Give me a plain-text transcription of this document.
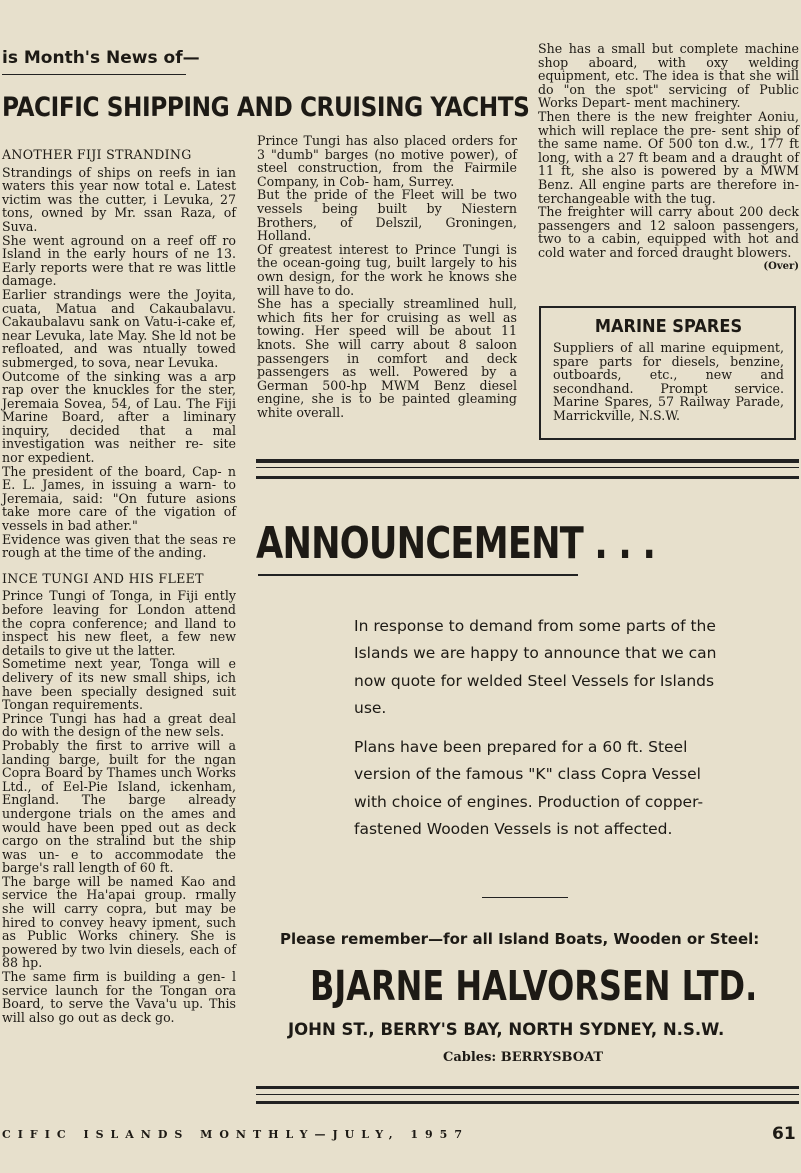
is Month's News of—
PACIFIC SHIPPING AND CRUISING YACHTS
ANOTHER FIJI STRANDING

Strandings of ships on reefs in ian waters this year now total e. Latest victim was the cutter, i Levuka, 27 tons, owned by Mr. ssan Raza, of Suva.

She went aground on a reef off ro Island in the early hours of ne 13. Early reports were that re was little damage.

Earlier strandings were the Joyita, cuata, Matua and Cakaubalavu. Cakaubalavu sank on Vatu-i-cake ef, near Levuka, late May. She ld not be refloated, and was ntually towed submerged, to sova, near Levuka.

Outcome of the sinking was a arp rap over the knuckles for the ster, Jeremaia Sovea, 54, of Lau. The Fiji Marine Board, after a liminary inquiry, decided that a mal investigation was neither re- site nor expedient.

The president of the board, Cap- n E. L. James, in issuing a warn- to Jeremaia, said: "On future asions take more care of the vigation of vessels in bad ather."

Evidence was given that the seas re rough at the time of the anding.

INCE TUNGI AND HIS FLEET

Prince Tungi of Tonga, in Fiji ently before leaving for London attend the copra conference; and lland to inspect his new fleet, a few new details to give ut the latter.

Sometime next year, Tonga will e delivery of its new small ships, ich have been specially designed suit Tongan requirements.

Prince Tungi has had a great deal do with the design of the new sels.

Probably the first to arrive will a landing barge, built for the ngan Copra Board by Thames unch Works Ltd., of Eel-Pie Island, ickenham, England. The barge already undergone trials on the ames and would have been pped out as deck cargo on the stralind but the ship was un- e to accommodate the barge's rall length of 60 ft.

The barge will be named Kao and service the Ha'apai group. rmally she will carry copra, but may be hired to convey heavy ipment, such as Public Works chinery. She is powered by two lvin diesels, each of 88 hp.

The same firm is building a gen- l service launch for the Tongan ora Board, to serve the Vava'u up. This will also go out as deck go.

Prince Tungi has also placed orders for 3 "dumb" barges (no motive power), of steel construction, from the Fairmile Company, in Cob- ham, Surrey.

But the pride of the Fleet will be two vessels being built by Niestern Brothers, of Delszil, Groningen, Holland.

Of greatest interest to Prince Tungi is the ocean-going tug, built largely to his own design, for the work he knows she will have to do.

She has a specially streamlined hull, which fits her for cruising as well as towing. Her speed will be about 11 knots. She will carry about 8 saloon passengers in comfort and deck passengers as well. Powered by a German 500-hp MWM Benz diesel engine, she is to be painted gleaming white overall.

She has a small but complete machine shop aboard, with oxy welding equipment, etc. The idea is that she will do "on the spot" servicing of Public Works Depart- ment machinery.

Then there is the new freighter Aoniu, which will replace the pre- sent ship of the same name. Of 500 ton d.w., 177 ft long, with a 27 ft beam and a draught of 11 ft, she also is powered by a MWM Benz. All engine parts are therefore in- terchangeable with the tug.

The freighter will carry about 200 deck passengers and 12 saloon passengers, two to a cabin, equipped with hot and cold water and forced draught blowers.
(Over)

MARINE SPARES

Suppliers of all marine equipment, spare parts for diesels, benzine, outboards, etc., new and secondhand. Prompt service. Marine Spares, 57 Railway Parade, Marrickville, N.S.W.

ANNOUNCEMENT . . .

In response to demand from some parts of the Islands we are happy to announce that we can now quote for welded Steel Vessels for Islands use.

Plans have been prepared for a 60 ft. Steel version of the famous "K" class Copra Vessel with choice of engines. Production of copper-fastened Wooden Vessels is not affected.

Please remember—for all Island Boats, Wooden or Steel:
BJARNE HALVORSEN LTD.
JOHN ST., BERRY'S BAY, NORTH SYDNEY, N.S.W.
Cables: BERRYSBOAT
CIFIC ISLANDS MONTHLY—JULY, 1957	61
